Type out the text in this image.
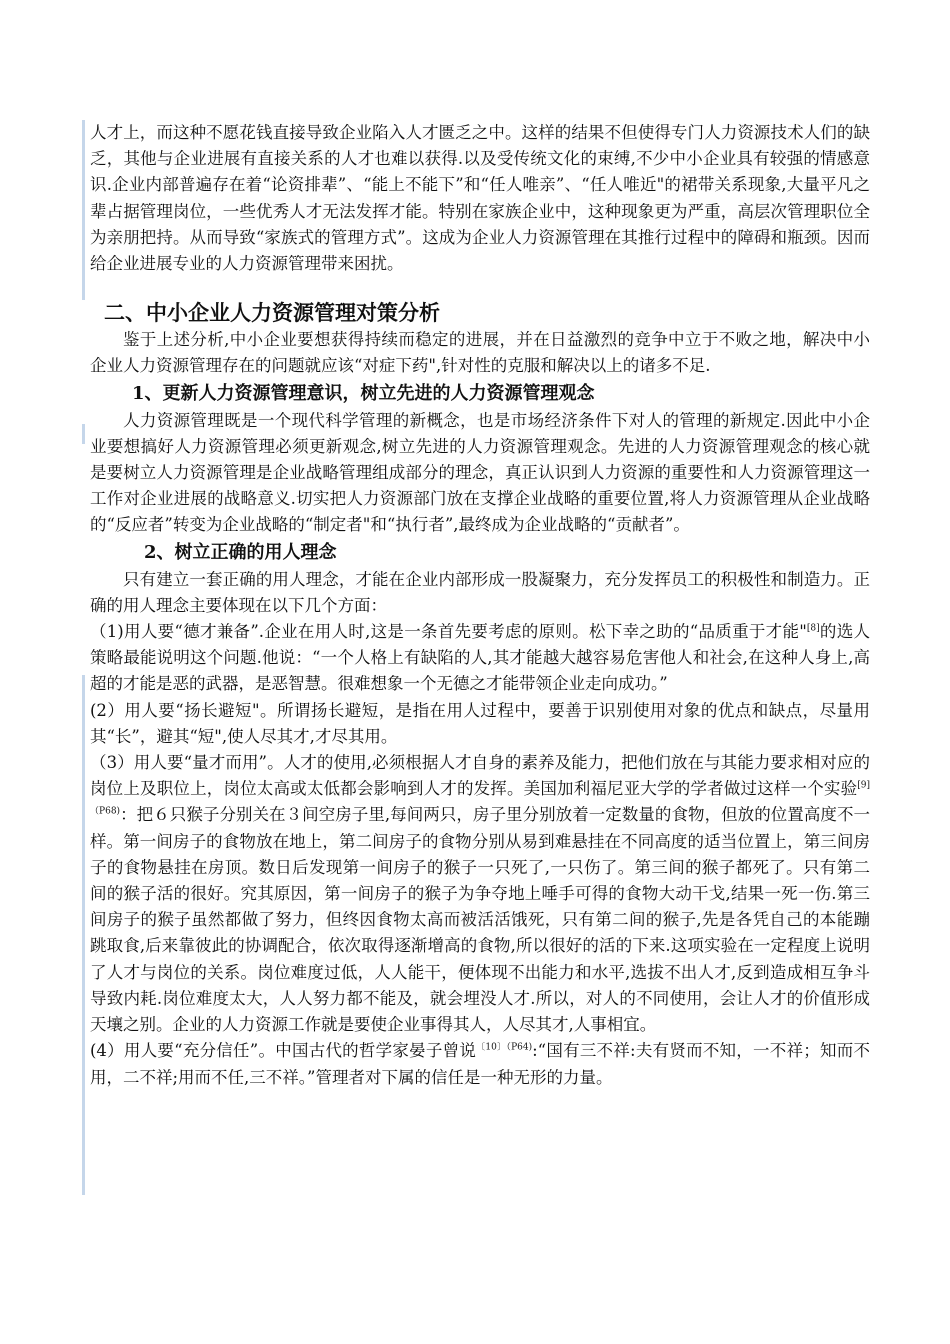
人才上，而这种不愿花钱直接导致企业陷入人才匮乏之中。这样的结果不但使得专门人力资源技术人们的缺乏，其他与企业进展有直接关系的人才也难以获得.以及受传统文化的束缚,不少中小企业具有较强的情感意识.企业内部普遍存在着“论资排辈”、“能上不能下”和“任人唯亲”、“任人唯近"的裙带关系现象,大量平凡之辈占据管理岗位，一些优秀人才无法发挥才能。特别在家族企业中，这种现象更为严重，高层次管理职位全为亲朋把持。从而导致“家族式的管理方式”。这成为企业人力资源管理在其推行过程中的障碍和瓶颈。因而给企业进展专业的人力资源管理带来困扰。

二、中小企业人力资源管理对策分析

鉴于上述分析,中小企业要想获得持续而稳定的进展，并在日益激烈的竞争中立于不败之地，解决中小企业人力资源管理存在的问题就应该“对症下药",针对性的克服和解决以上的诸多不足.

1、更新人力资源管理意识，树立先进的人力资源管理观念

人力资源管理既是一个现代科学管理的新概念，也是市场经济条件下对人的管理的新规定.因此中小企业要想搞好人力资源管理必须更新观念,树立先进的人力资源管理观念。先进的人力资源管理观念的核心就是要树立人力资源管理是企业战略管理组成部分的理念，真正认识到人力资源的重要性和人力资源管理这一工作对企业进展的战略意义.切实把人力资源部门放在支撑企业战略的重要位置,将人力资源管理从企业战略的“反应者”转变为企业战略的“制定者"和“执行者”,最终成为企业战略的“贡献者”。

2、树立正确的用人理念

只有建立一套正确的用人理念，才能在企业内部形成一股凝聚力，充分发挥员工的积极性和制造力。正确的用人理念主要体现在以下几个方面：

（1)用人要“德才兼备”.企业在用人时,这是一条首先要考虑的原则。松下幸之助的“品质重于才能"[8]的选人策略最能说明这个问题.他说：“一个人格上有缺陷的人,其才能越大越容易危害他人和社会,在这种人身上,高超的才能是恶的武器，是恶智慧。很难想象一个无德之才能带领企业走向成功。”

(2）用人要“扬长避短"。所谓扬长避短，是指在用人过程中，要善于识别使用对象的优点和缺点，尽量用其“长”，避其“短",使人尽其才,才尽其用。

（3）用人要“量才而用”。人才的使用,必须根据人才自身的素养及能力，把他们放在与其能力要求相对应的岗位上及职位上，岗位太高或太低都会影响到人才的发挥。美国加利福尼亚大学的学者做过这样一个实验$^{[9](P68)}$：把６只猴子分别关在３间空房子里,每间两只，房子里分别放着一定数量的食物，但放的位置高度不一样。第一间房子的食物放在地上，第二间房子的食物分别从易到难悬挂在不同高度的适当位置上，第三间房子的食物悬挂在房顶。数日后发现第一间房子的猴子一只死了,一只伤了。第三间的猴子都死了。只有第二间的猴子活的很好。究其原因，第一间房子的猴子为争夺地上唾手可得的食物大动干戈,结果一死一伤.第三间房子的猴子虽然都做了努力，但终因食物太高而被活活饿死，只有第二间的猴子,先是各凭自己的本能蹦跳取食,后来靠彼此的协调配合，依次取得逐渐增高的食物,所以很好的活的下来.这项实验在一定程度上说明了人才与岗位的关系。岗位难度过低，人人能干，便体现不出能力和水平,选拔不出人才,反到造成相互争斗导致内耗.岗位难度太大，人人努力都不能及，就会埋没人才.所以，对人的不同使用，会让人才的价值形成天壤之别。企业的人力资源工作就是要使企业事得其人，人尽其才,人事相宜。

(4）用人要“充分信任”。中国古代的哲学家晏子曾说$^{〔10〕(P64)}$:“国有三不祥:夫有贤而不知，一不祥；知而不用，二不祥;用而不任,三不祥。”管理者对下属的信任是一种无形的力量。
